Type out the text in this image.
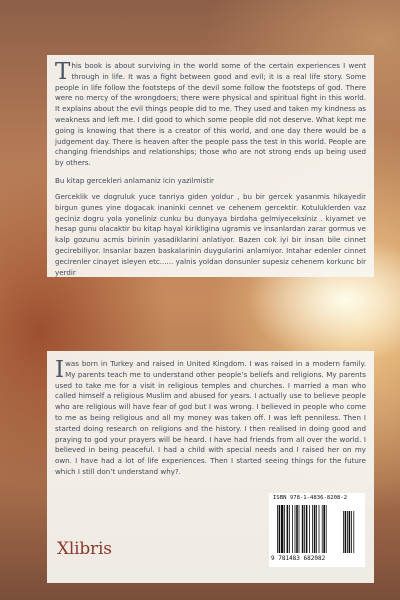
This book is about surviving in the world some of the certain experiences I went through in life. It was a fight between good and evil; it is a real life story. Some people in life follow the footsteps of the devil some follow the footsteps of god. There were no mercy of the wrongdoers; there were physical and spiritual fight in this world. It explains about the evil things people did to me. They used and taken my kindness as weakness and left me. I did good to which some people did not deserve. What kept me going is knowing that there is a creator of this world, and one day there would be a judgement day. There is heaven after the people pass the test in this world. People are changing friendships and relationships; those who are not strong ends up being used by others.

Bu kitap gercekleri anlamaniz icin yazilmistir

Gerceklik ve dogruluk yuce tanriya giden yoldur , bu bir gercek yasanmis hikayedir birgun gunes yine dogacak inaninki cennet ve cehenem gercektir. Kotuluklerden vaz geciniz dogru yola yoneliniz cunku bu dunyaya birdaha gelmiyeceksiniz . kiyamet ve hesap gunu olacaktir bu kitap hayal kirikligina ugramis ve insanlardan zarar gormus ve kalp gozunu acmis birinin yasadiklarini anlatiyor. Bazen cok iyi bir insan bile cinnet gecirebiliyor. Insanlar bazen baskalarinin duygularini anlamiyor. Intahar edenler cinnet gecirenler cinayet isleyen etc...... yalnis yoldan donsunler supesiz cehenem korkunc bir yerdir

Iwas born in Turkey and raised in United Kingdom. I was raised in a modern family. My parents teach me to understand other people’s beliefs and religions. My parents used to take me for a visit in religious temples and churches. I married a man who called himself a religious Muslim and abused for years. I actually use to believe people who are religious will have fear of god but I was wrong. I believed in people who come to me as being religious and all my money was taken off. I was left penniless. Then I started doing research on religions and the history. I then realised in doing good and praying to god your prayers will be heard. I have had friends from all over the world. I believed in being peaceful. I had a child with special needs and I raised her on my own. I have had a lot of life experiences. Then I started seeing things for the future which I still don’t understand why?.

Xlibris
ISBN 978-1-4836-8208-2
9 781483 682082
